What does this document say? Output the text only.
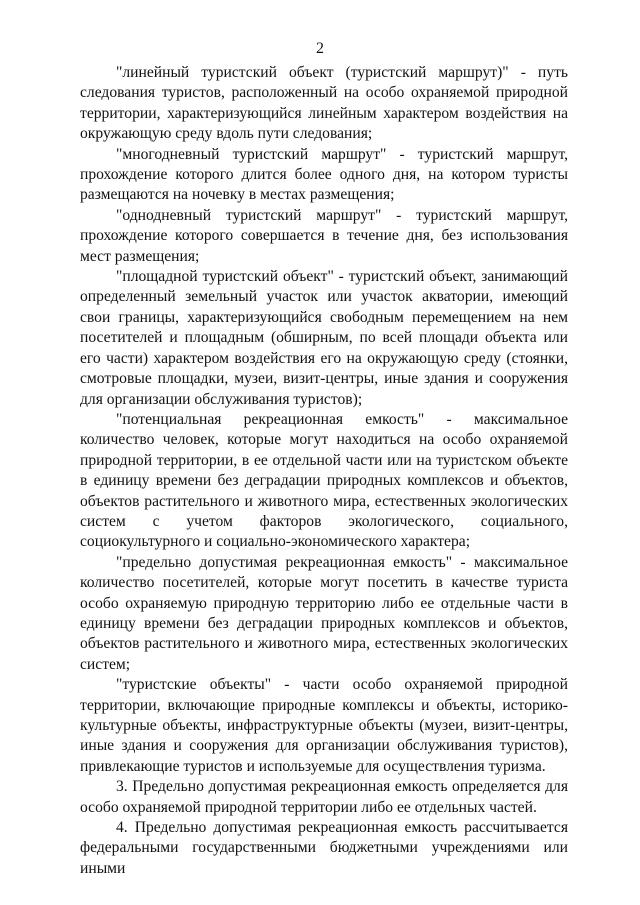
2

"линейный туристский объект (туристский маршрут)" - путь следования туристов, расположенный на особо охраняемой природной территории, характеризующийся линейным характером воздействия на окружающую среду вдоль пути следования;

"многодневный туристский маршрут" - туристский маршрут, прохождение которого длится более одного дня, на котором туристы размещаются на ночевку в местах размещения;

"однодневный туристский маршрут" - туристский маршрут, прохождение которого совершается в течение дня, без использования мест размещения;

"площадной туристский объект" - туристский объект, занимающий определенный земельный участок или участок акватории, имеющий свои границы, характеризующийся свободным перемещением на нем посетителей и площадным (обширным, по всей площади объекта или его части) характером воздействия его на окружающую среду (стоянки, смотровые площадки, музеи, визит-центры, иные здания и сооружения для организации обслуживания туристов);

"потенциальная рекреационная емкость" - максимальное количество человек, которые могут находиться на особо охраняемой природной территории, в ее отдельной части или на туристском объекте в единицу времени без деградации природных комплексов и объектов, объектов растительного и животного мира, естественных экологических систем с учетом факторов экологического, социального, социокультурного и социально-экономического характера;

"предельно допустимая рекреационная емкость" - максимальное количество посетителей, которые могут посетить в качестве туриста особо охраняемую природную территорию либо ее отдельные части в единицу времени без деградации природных комплексов и объектов, объектов растительного и животного мира, естественных экологических систем;

"туристские объекты" - части особо охраняемой природной территории, включающие природные комплексы и объекты, историко-культурные объекты, инфраструктурные объекты (музеи, визит-центры, иные здания и сооружения для организации обслуживания туристов), привлекающие туристов и используемые для осуществления туризма.

3. Предельно допустимая рекреационная емкость определяется для особо охраняемой природной территории либо ее отдельных частей.

4. Предельно допустимая рекреационная емкость рассчитывается федеральными государственными бюджетными учреждениями или иными
